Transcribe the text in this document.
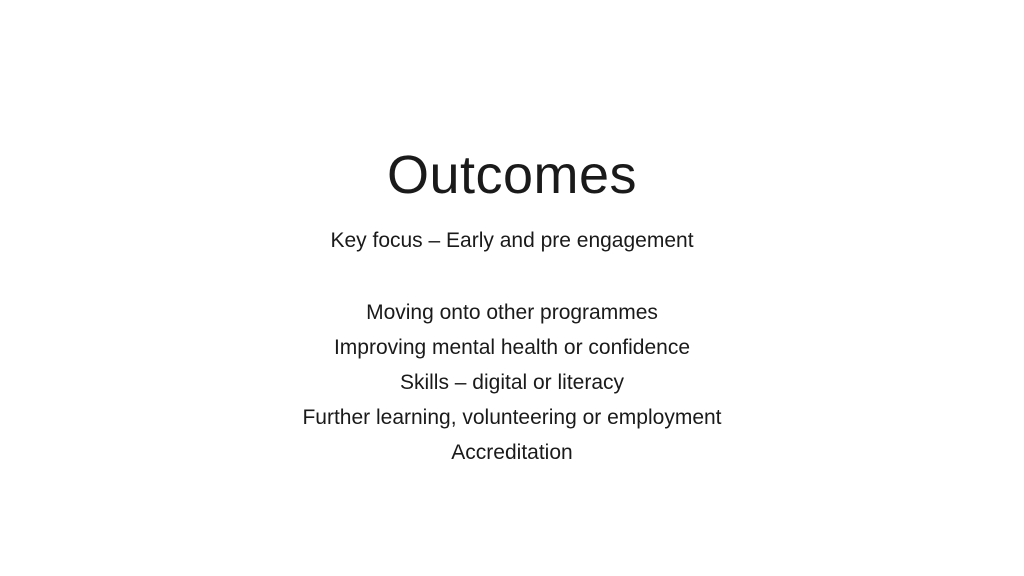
Outcomes
Key focus – Early and pre engagement
Moving onto other programmes
Improving mental health or confidence
Skills – digital or literacy
Further learning, volunteering or employment
Accreditation
